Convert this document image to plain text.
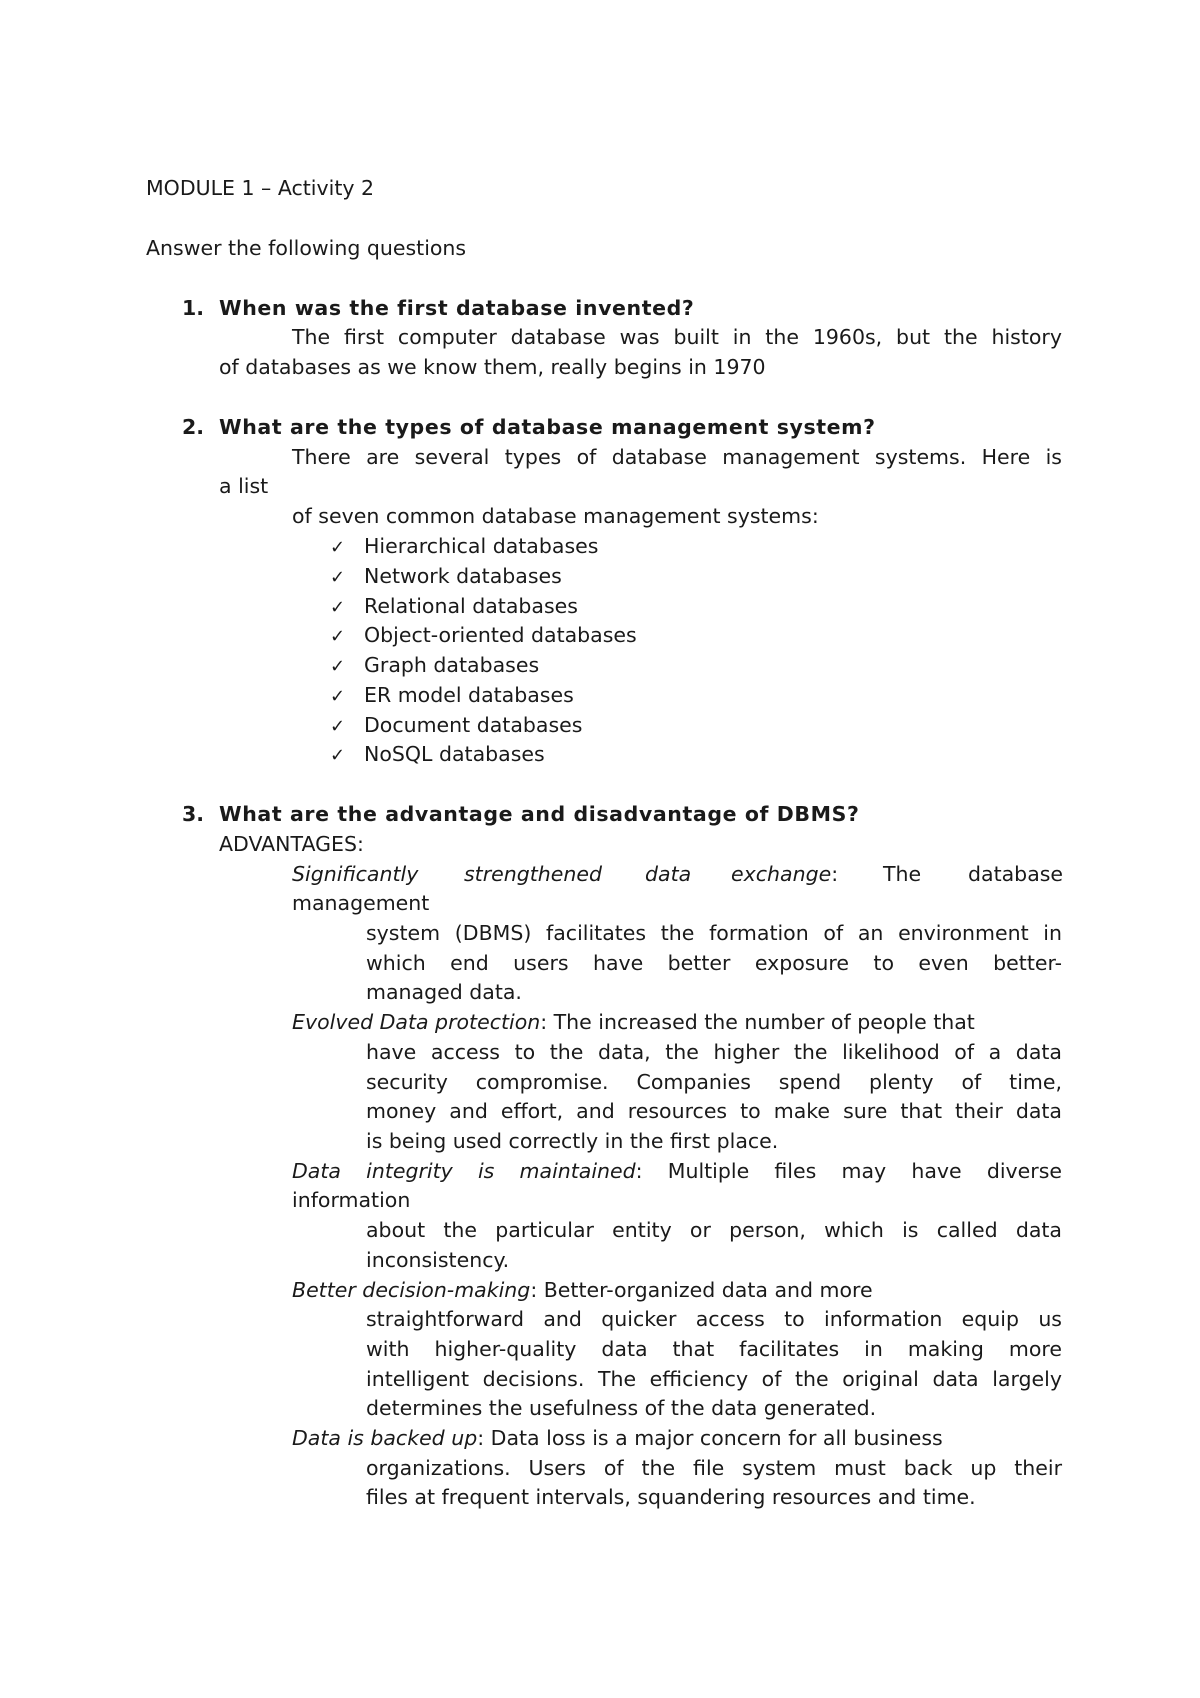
MODULE 1 – Activity 2
Answer the following questions
1. When was the first database invented?
The first computer database was built in the 1960s, but the history
of databases as we know them, really begins in 1970
2. What are the types of database management system?
There are several types of database management systems. Here is
a list
of seven common database management systems:
✓ Hierarchical databases
✓ Network databases
✓ Relational databases
✓ Object-oriented databases
✓ Graph databases
✓ ER model databases
✓ Document databases
✓ NoSQL databases
3. What are the advantage and disadvantage of DBMS?
ADVANTAGES:
Significantly strengthened data exchange: The database
management
system (DBMS) facilitates the formation of an environment in
which end users have better exposure to even better-
managed data.
Evolved Data protection: The increased the number of people that
have access to the data, the higher the likelihood of a data
security compromise. Companies spend plenty of time,
money and effort, and resources to make sure that their data
is being used correctly in the first place.
Data integrity is maintained: Multiple files may have diverse
information
about the particular entity or person, which is called data
inconsistency.
Better decision-making: Better-organized data and more
straightforward and quicker access to information equip us
with higher-quality data that facilitates in making more
intelligent decisions. The efficiency of the original data largely
determines the usefulness of the data generated.
Data is backed up: Data loss is a major concern for all business
organizations. Users of the file system must back up their
files at frequent intervals, squandering resources and time.
